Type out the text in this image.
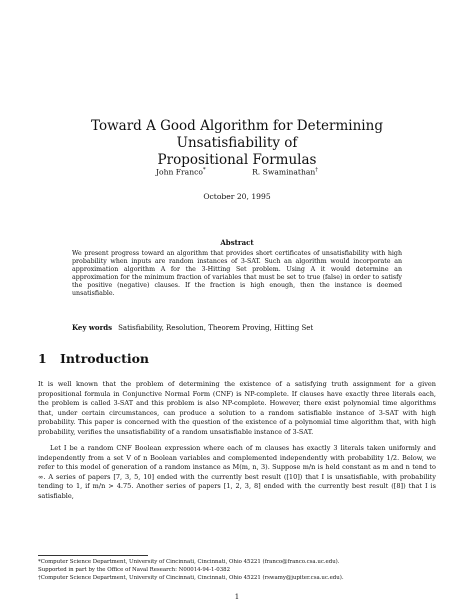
Toward A Good Algorithm for Determining Unsatisfiability of
Propositional Formulas
John Franco*	R. Swaminathan†
October 20, 1995
Abstract
We present progress toward an algorithm that provides short certificates of unsatisfiability with high probability when inputs are random instances of 3-SAT. Such an algorithm would incorporate an approximation algorithm A for the 3-Hitting Set problem. Using A it would determine an approximation for the minimum fraction of variables that must be set to true (false) in order to satisfy the positive (negative) clauses. If the fraction is high enough, then the instance is deemed unsatisfiable.
Key words Satisfiability, Resolution, Theorem Proving, Hitting Set
1 Introduction
It is well known that the problem of determining the existence of a satisfying truth assignment for a given propositional formula in Conjunctive Normal Form (CNF) is NP-complete. If clauses have exactly three literals each, the problem is called 3-SAT and this problem is also NP-complete. However, there exist polynomial time algorithms that, under certain circumstances, can produce a solution to a random satisfiable instance of 3-SAT with high probability. This paper is concerned with the question of the existence of a polynomial time algorithm that, with high probability, verifies the unsatisfiability of a random unsatisfiable instance of 3-SAT.
Let I be a random CNF Boolean expression where each of m clauses has exactly 3 literals taken uniformly and independently from a set V of n Boolean variables and complemented independently with probability 1/2. Below, we refer to this model of generation of a random instance as M(m, n, 3). Suppose m/n is held constant as m and n tend to ∞. A series of papers [7, 3, 5, 10] ended with the currently best result ([10]) that I is unsatisfiable, with probability tending to 1, if m/n > 4.75. Another series of papers [1, 2, 3, 8] ended with the currently best result ([8]) that I is satisfiable,
*Computer Science Department, University of Cincinnati, Cincinnati, Ohio 45221 (franco@franco.csa.uc.edu).
Supported in part by the Office of Naval Research: N00014-94-1-0382
†Computer Science Department, University of Cincinnati, Cincinnati, Ohio 45221 (rswamy@jupiter.csa.uc.edu).
1
